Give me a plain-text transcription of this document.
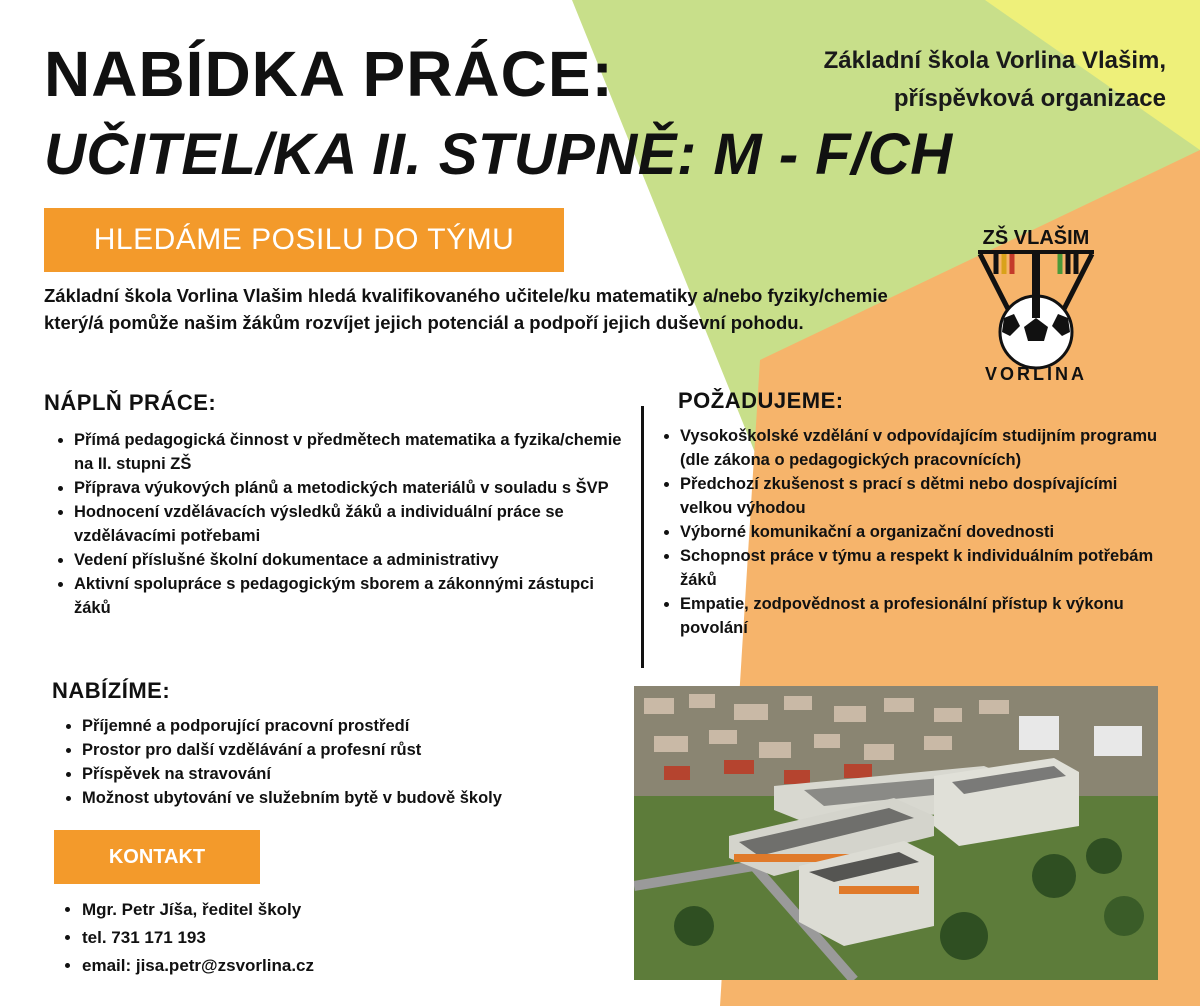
NABÍDKA PRÁCE:
UČITEL/KA II. STUPNĚ: M - F/CH
Základní škola Vorlina Vlašim,
příspěvková organizace
HLEDÁME POSILU DO TÝMU

Základní škola Vorlina Vlašim hledá kvalifikovaného učitele/ku matematiky a/nebo fyziky/chemie který/á pomůže našim žákům rozvíjet jejich potenciál a podpoří jejich duševní pohodu.

ZŠ VLAŠIM
VORLINA
NÁPLŇ PRÁCE:
• Přímá pedagogická činnost v předmětech matematika a fyzika/chemie na II. stupni ZŠ
• Příprava výukových plánů a metodických materiálů v souladu s ŠVP
• Hodnocení vzdělávacích výsledků žáků a individuální práce se vzdělávacími potřebami
• Vedení příslušné školní dokumentace a administrativy
• Aktivní spolupráce s pedagogickým sborem a zákonnými zástupci žáků
POŽADUJEME:
• Vysokoškolské vzdělání v odpovídajícím studijním programu (dle zákona o pedagogických pracovnících)
• Předchozí zkušenost s prací s dětmi nebo dospívajícími velkou výhodou
• Výborné komunikační a organizační dovednosti
• Schopnost práce v týmu a respekt k individuálním potřebám žáků
• Empatie, zodpovědnost a profesionální přístup k výkonu povolání
NABÍZÍME:
• Příjemné a podporující pracovní prostředí
• Prostor pro další vzdělávání a profesní růst
• Příspěvek na stravování
• Možnost ubytování ve služebním bytě v budově školy
KONTAKT
• Mgr. Petr Jíša, ředitel školy
• tel. 731 171 193
• email: jisa.petr@zsvorlina.cz
